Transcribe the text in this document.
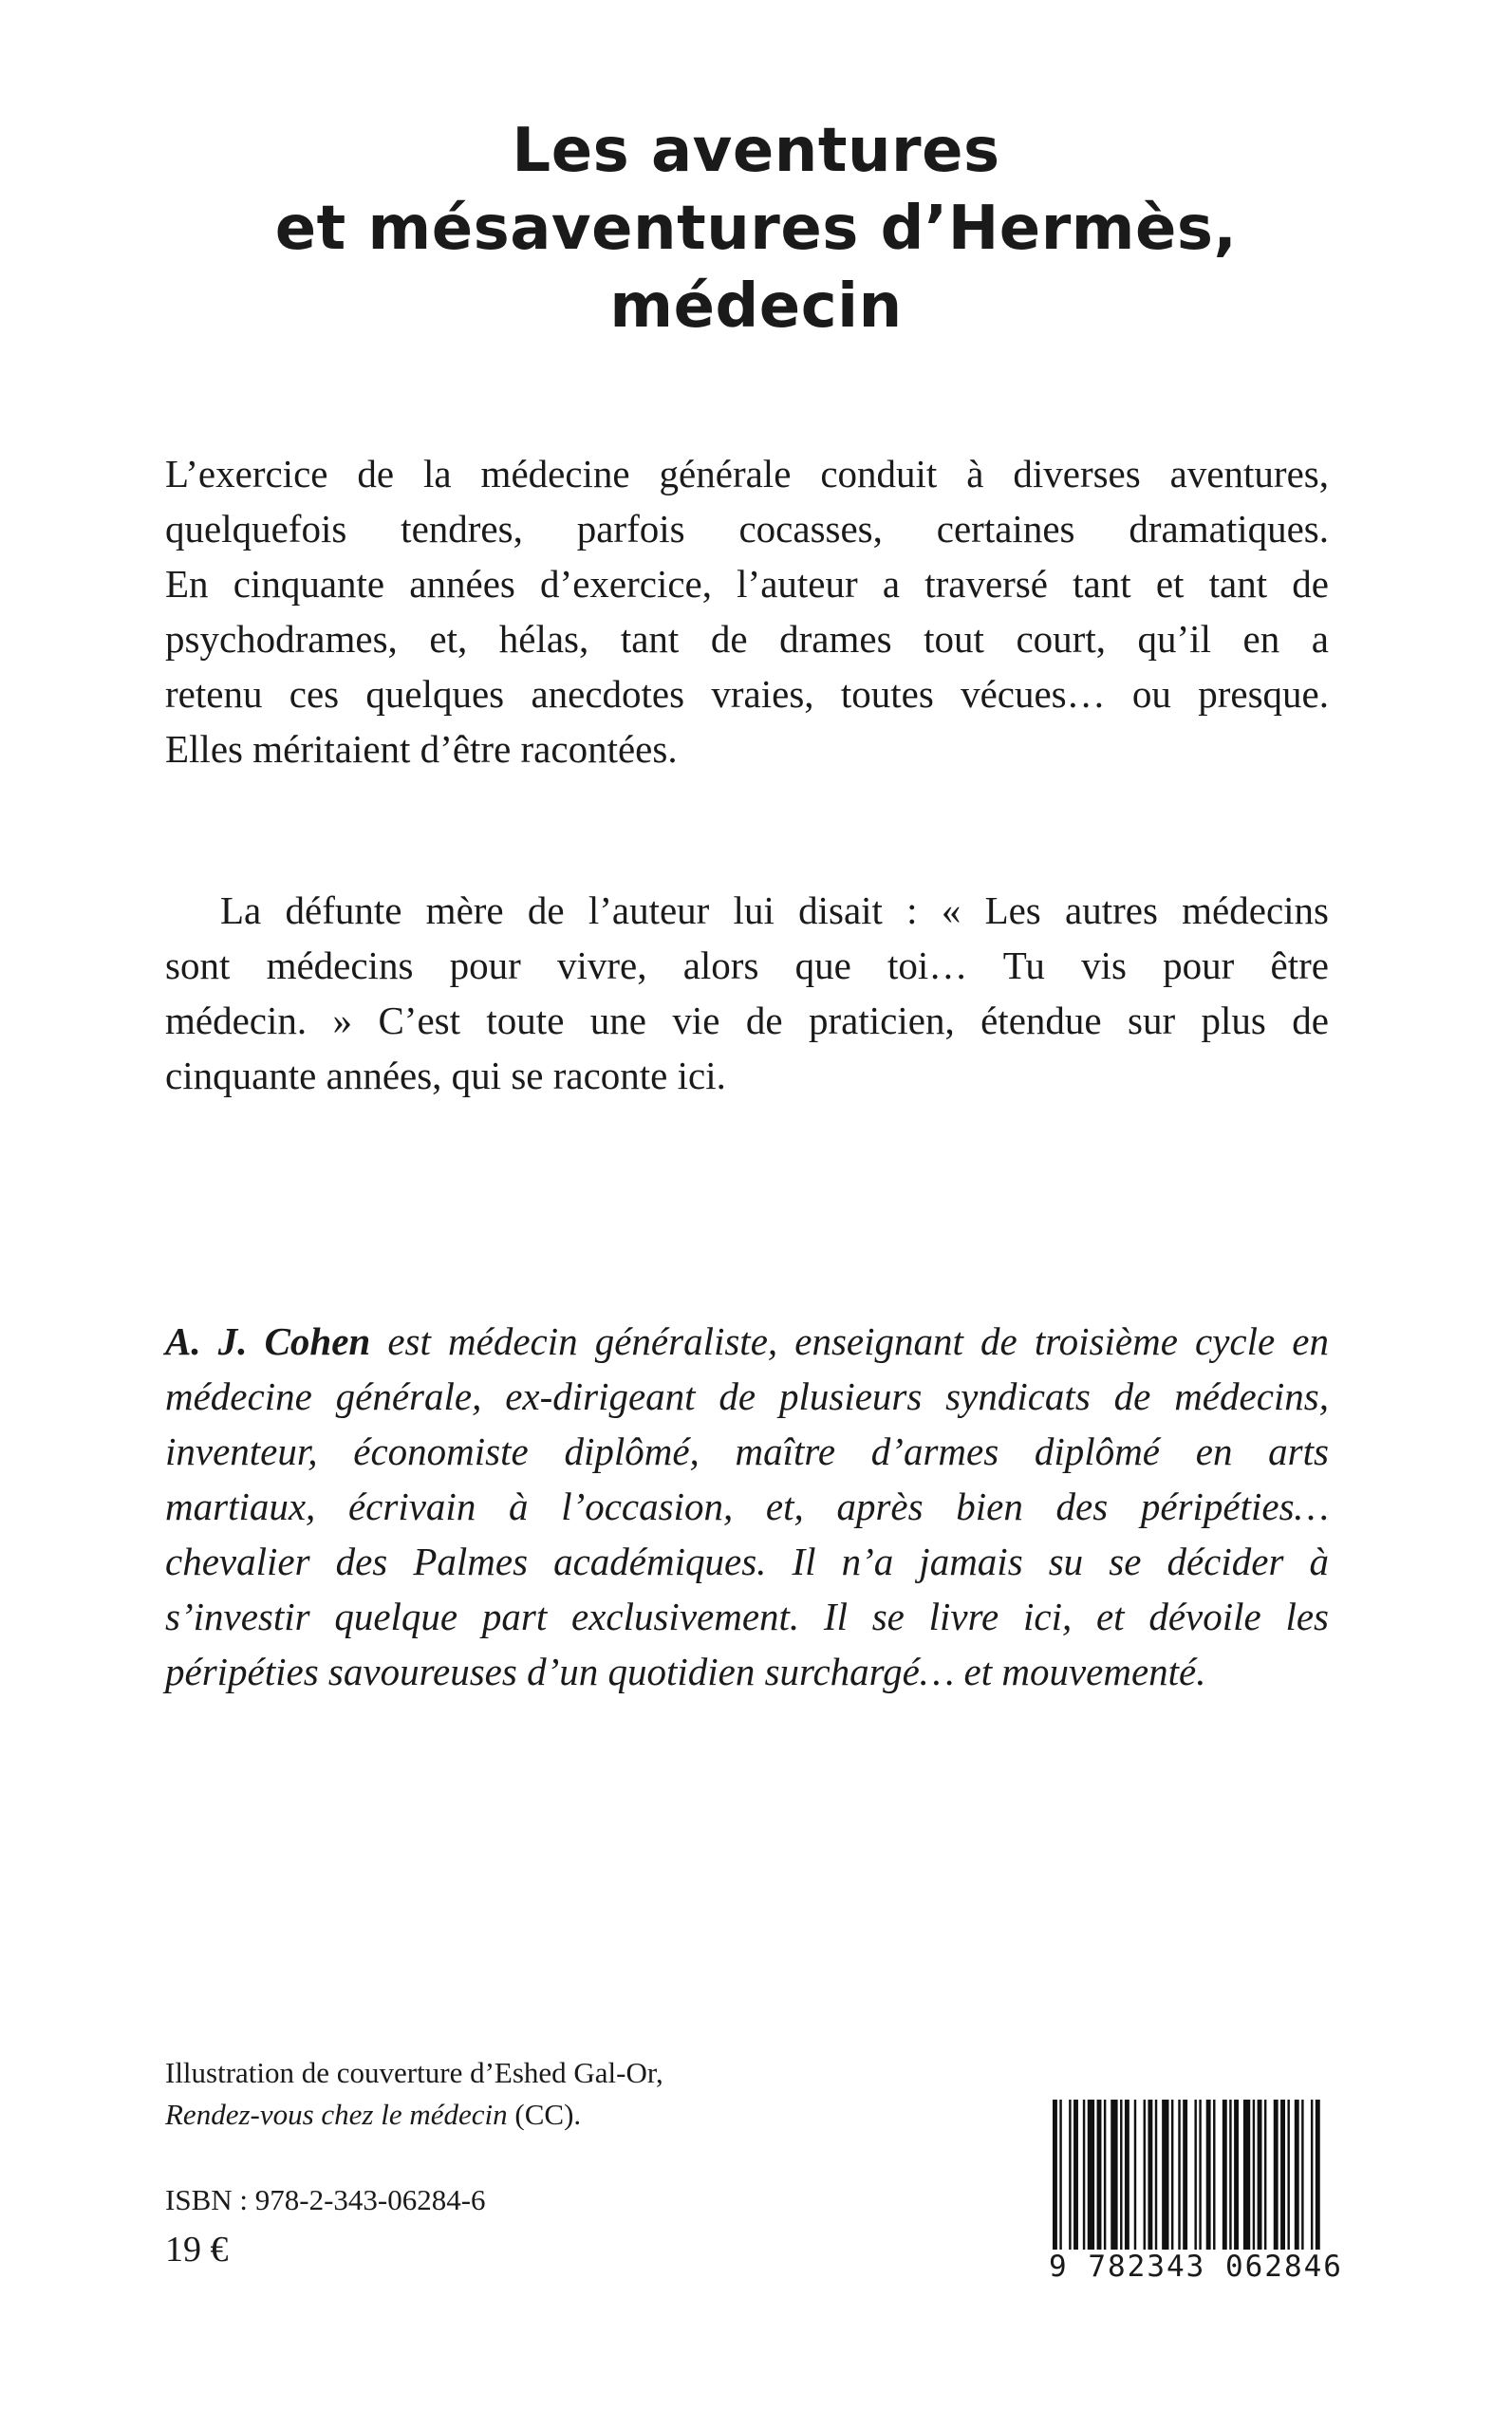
Les aventures
et mésaventures d’Hermès,
médecin
L’exercice de la médecine générale conduit à diverses aventures,
quelquefois tendres, parfois cocasses, certaines dramatiques.
En cinquante années d’exercice, l’auteur a traversé tant et tant de
psychodrames, et, hélas, tant de drames tout court, qu’il en a
retenu ces quelques anecdotes vraies, toutes vécues… ou presque.
Elles méritaient d’être racontées.
La défunte mère de l’auteur lui disait : « Les autres médecins
sont médecins pour vivre, alors que toi… Tu vis pour être
médecin. » C’est toute une vie de praticien, étendue sur plus de
cinquante années, qui se raconte ici.
A. J. Cohen est médecin généraliste, enseignant de troisième cycle en
médecine générale, ex-dirigeant de plusieurs syndicats de médecins,
inventeur, économiste diplômé, maître d’armes diplômé en arts
martiaux, écrivain à l’occasion, et, après bien des péripéties…
chevalier des Palmes académiques. Il n’a jamais su se décider à
s’investir quelque part exclusivement. Il se livre ici, et dévoile les
péripéties savoureuses d’un quotidien surchargé… et mouvementé.
Illustration de couverture d’Eshed Gal-Or,
Rendez-vous chez le médecin (CC).
ISBN : 978-2-343-06284-6
19 €	9 782343 062846
